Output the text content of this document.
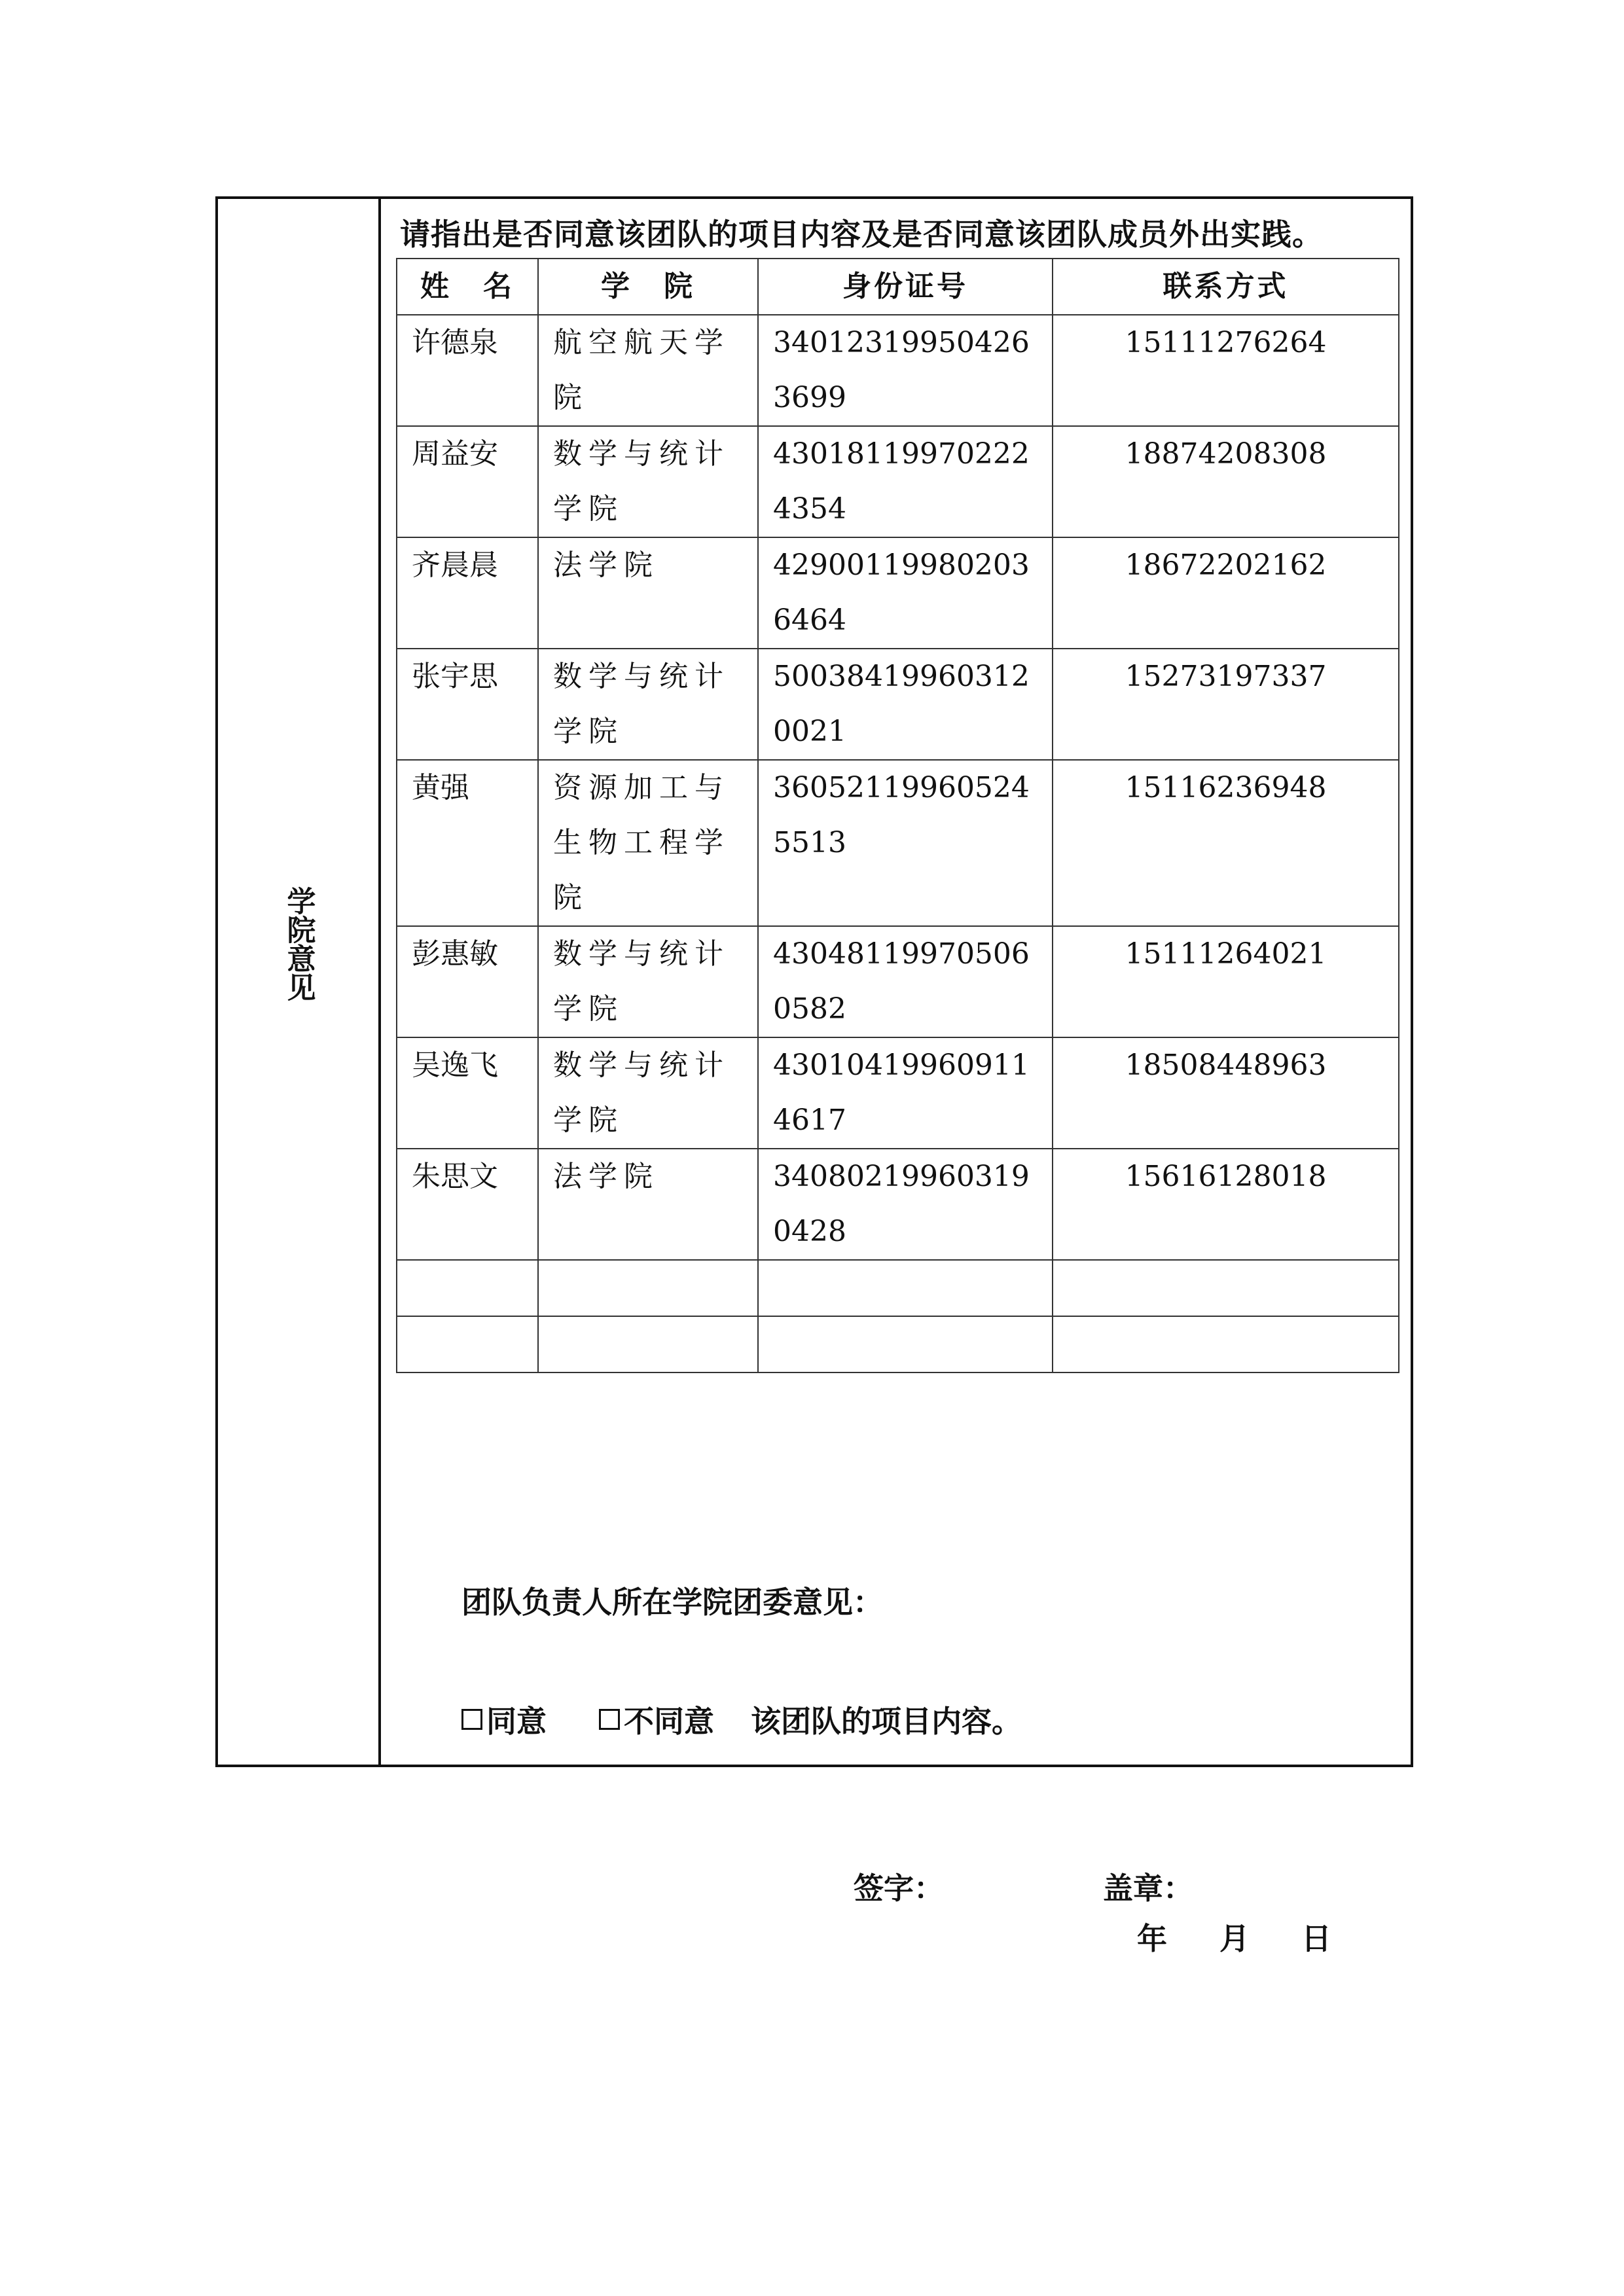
学院意见
请指出是否同意该团队的项目内容及是否同意该团队成员外出实践。
姓　名	学　院	身份证号	联系方式
许德泉	航空航天学院	340123199504263699	15111276264
周益安	数学与统计学院	430181199702224354	18874208308
齐晨晨	法学院	429001199802036464	18672202162
张宇思	数学与统计学院	500384199603120021	15273197337
黄强	资源加工与生物工程学院	360521199605245513	15116236948
彭惠敏	数学与统计学院	430481199705060582	15111264021
吴逸飞	数学与统计学院	430104199609114617	18508448963
朱思文	法学院	340802199603190428	15616128018

团队负责人所在学院团委意见：
同意	不同意 该团队的项目内容。
签字：	盖章：
年 月 日
